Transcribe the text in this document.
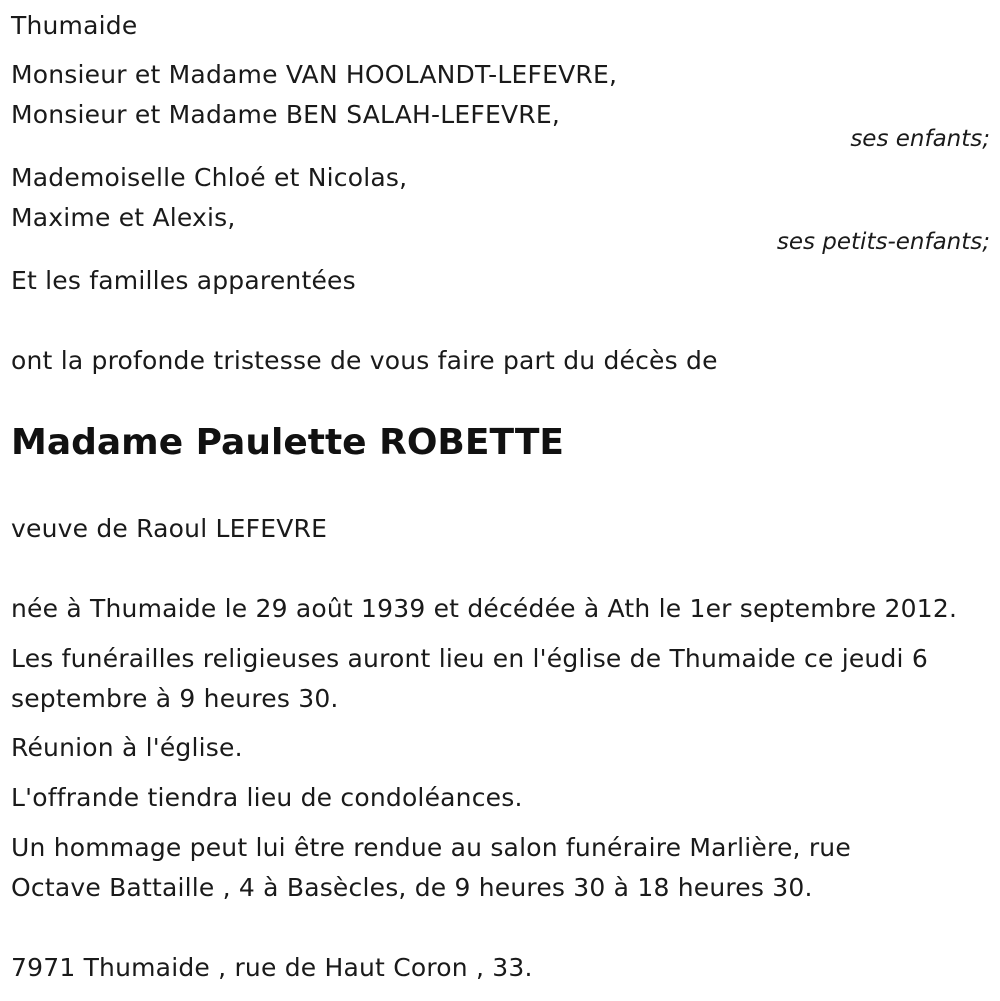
Thumaide
Monsieur et Madame VAN HOOLANDT-LEFEVRE,
Monsieur et Madame BEN SALAH-LEFEVRE,
ses enfants;
Mademoiselle Chloé et Nicolas,
Maxime et Alexis,
ses petits-enfants;
Et les familles apparentées
ont la profonde tristesse de vous faire part du décès de
Madame Paulette ROBETTE
veuve de Raoul LEFEVRE
née à Thumaide le 29 août 1939 et décédée à Ath le 1er septembre 2012.
Les funérailles religieuses auront lieu en l'église de Thumaide ce jeudi 6
septembre à 9 heures 30.
Réunion à l'église.
L'offrande tiendra lieu de condoléances.
Un hommage peut lui être rendue au salon funéraire Marlière, rue
Octave Battaille , 4 à Basècles, de 9 heures 30 à 18 heures 30.
7971 Thumaide , rue de Haut Coron , 33.
